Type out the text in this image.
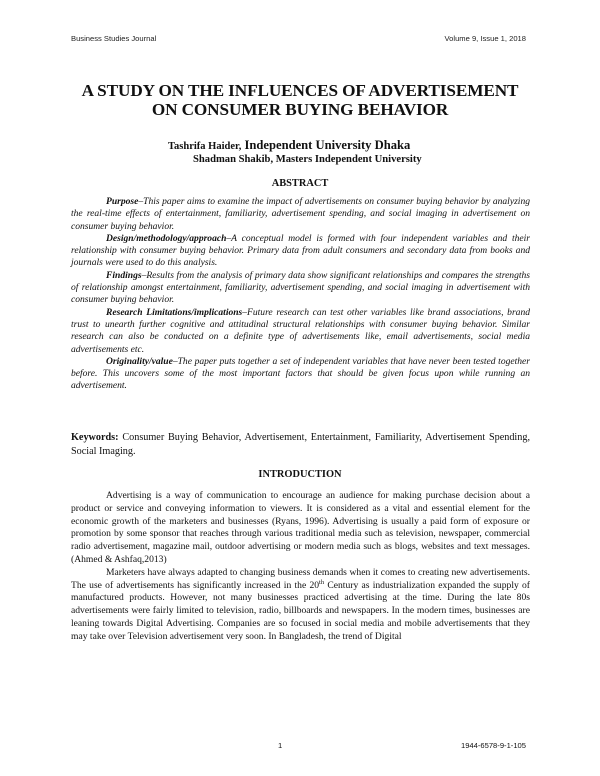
Business Studies Journal	Volume 9, Issue 1, 2018
A STUDY ON THE INFLUENCES OF ADVERTISEMENT
ON CONSUMER BUYING BEHAVIOR
Tashrifa Haider, Independent University Dhaka
Shadman Shakib, Masters Independent University
ABSTRACT

Purpose–This paper aims to examine the impact of advertisements on consumer buying behavior by analyzing the real-time effects of entertainment, familiarity, advertisement spending, and social imaging in advertisement on consumer buying behavior.

Design/methodology/approach–A conceptual model is formed with four independent variables and their relationship with consumer buying behavior. Primary data from adult consumers and secondary data from books and journals were used to do this analysis.

Findings–Results from the analysis of primary data show significant relationships and compares the strengths of relationship amongst entertainment, familiarity, advertisement spending, and social imaging in advertisement with consumer buying behavior.

Research Limitations/implications–Future research can test other variables like brand associations, brand trust to unearth further cognitive and attitudinal structural relationships with consumer buying behavior. Similar research can also be conducted on a definite type of advertisements like, email advertisements, social media advertisements etc.

Originality/value–The paper puts together a set of independent variables that have never been tested together before. This uncovers some of the most important factors that should be given focus upon while running an advertisement.

Keywords: Consumer Buying Behavior, Advertisement, Entertainment, Familiarity, Advertisement Spending, Social Imaging.
INTRODUCTION

Advertising is a way of communication to encourage an audience for making purchase decision about a product or service and conveying information to viewers. It is considered as a vital and essential element for the economic growth of the marketers and businesses (Ryans, 1996). Advertising is usually a paid form of exposure or promotion by some sponsor that reaches through various traditional media such as television, newspaper, commercial radio advertisement, magazine mail, outdoor advertising or modern media such as blogs, websites and text messages.(Ahmed & Ashfaq,2013)

Marketers have always adapted to changing business demands when it comes to creating new advertisements. The use of advertisements has significantly increased in the 20th Century as industrialization expanded the supply of manufactured products. However, not many businesses practiced advertising at the time. During the late 80s advertisements were fairly limited to television, radio, billboards and newspapers. In the modern times, businesses are leaning towards Digital Advertising. Companies are so focused in social media and mobile advertisements that they may take over Television advertisement very soon. In Bangladesh, the trend of Digital

1	1944-6578-9-1-105
